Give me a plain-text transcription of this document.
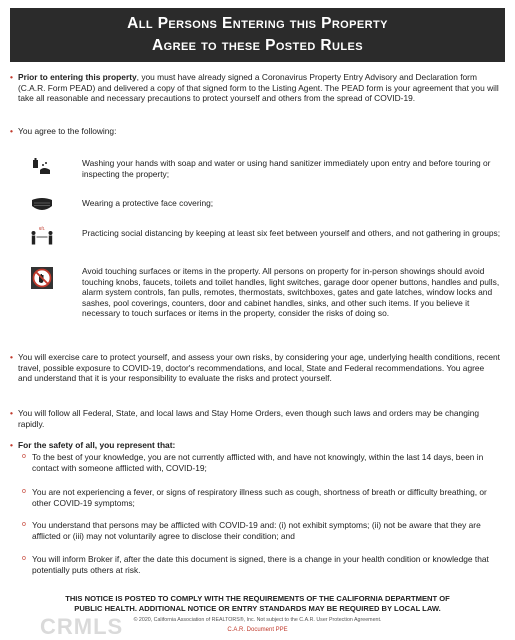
All Persons Entering this Property
Agree to these Posted Rules
• Prior to entering this property, you must have already signed a Coronavirus Property Entry Advisory and Declaration form (C.A.R. Form PEAD) and delivered a copy of that signed form to the Listing Agent. The PEAD form is your agreement that you will take all reasonable and necessary precautions to protect yourself and others from the spread of COVID-19.
• You agree to the following:
Washing your hands with soap and water or using hand sanitizer immediately upon entry and before touring or inspecting the property;
Wearing a protective face covering;
6ft.	Practicing social distancing by keeping at least six feet between yourself and others, and not gathering in groups;
Avoid touching surfaces or items in the property. All persons on property for in-person showings should avoid touching knobs, faucets, toilets and toilet handles, light switches, garage door opener buttons, handles and pulls, alarm system controls, fan pulls, remotes, thermostats, switchboxes, gates and gate latches, window locks and sashes, pool coverings, counters, door and cabinet handles, sinks, and other such items. If you believe it necessary to touch surfaces or items in the property, consider the risks of doing so.
• You will exercise care to protect yourself, and assess your own risks, by considering your age, underlying health conditions, recent travel, possible exposure to COVID-19, doctor's recommendations, and local, State and Federal recommendations. You agree and understand that it is your responsibility to evaluate the risks and protect yourself.
• You will follow all Federal, State, and local laws and Stay Home Orders, even though such laws and orders may be changing rapidly.
• For the safety of all, you represent that:
o To the best of your knowledge, you are not currently afflicted with, and have not knowingly, within the last 14 days, been in contact with someone afflicted with, COVID-19;
o You are not experiencing a fever, or signs of respiratory illness such as cough, shortness of breath or difficulty breathing, or other COVID-19 symptoms;
o You understand that persons may be afflicted with COVID-19 and: (i) not exhibit symptoms; (ii) not be aware that they are afflicted or (iii) may not voluntarily agree to disclose their condition; and
o You will inform Broker if, after the date this document is signed, there is a change in your health condition or knowledge that potentially puts others at risk.
THIS NOTICE IS POSTED TO COMPLY WITH THE REQUIREMENTS OF THE CALIFORNIA DEPARTMENT OF
PUBLIC HEALTH. ADDITIONAL NOTICE OR ENTRY STANDARDS MAY BE REQUIRED BY LOCAL LAW.
CRMLS	© 2020, California Association of REALTORS®, Inc. Not subject to the C.A.R. User Protection Agreement.
C.A.R. Document PPE
